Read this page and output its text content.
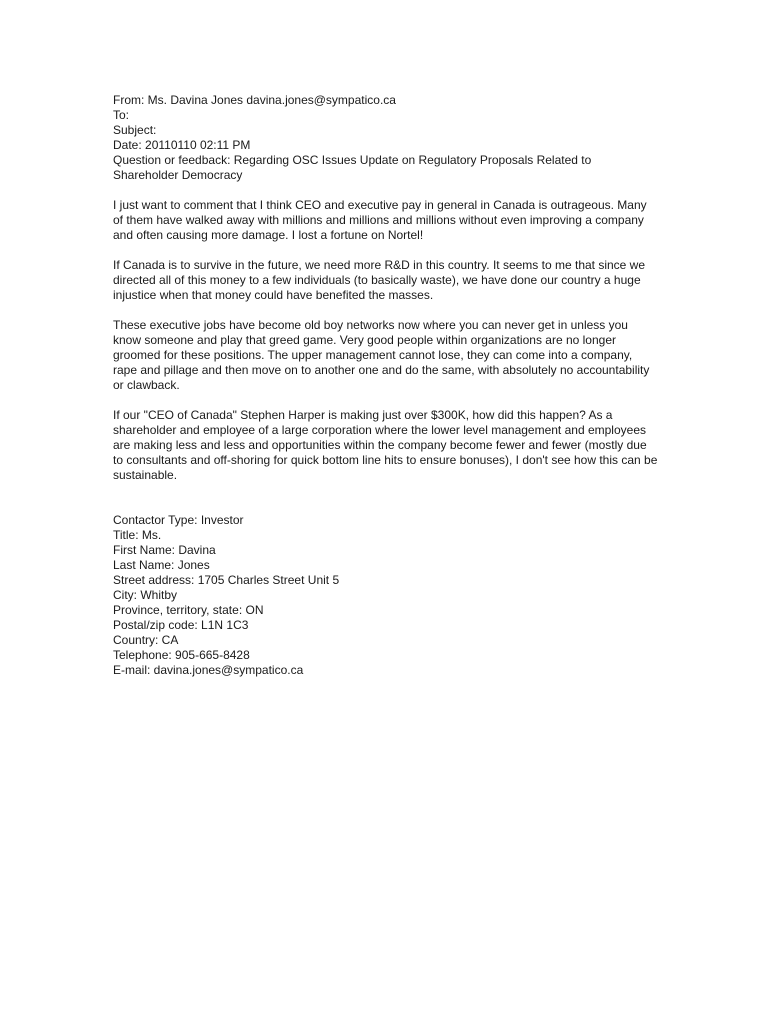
From: Ms. Davina Jones davina.jones@sympatico.ca
To:
Subject:
Date: 20110110 02:11 PM
Question or feedback: Regarding OSC Issues Update on Regulatory Proposals Related to
Shareholder Democracy

I just want to comment that I think CEO and executive pay in general in Canada is outrageous. Many of them have walked away with millions and millions and millions without even improving a company and often causing more damage. I lost a fortune on Nortel!

If Canada is to survive in the future, we need more R&D in this country. It seems to me that since we directed all of this money to a few individuals (to basically waste), we have done our country a huge injustice when that money could have benefited the masses.

These executive jobs have become old boy networks now where you can never get in unless you know someone and play that greed game. Very good people within organizations are no longer groomed for these positions. The upper management cannot lose, they can come into a company, rape and pillage and then move on to another one and do the same, with absolutely no accountability or clawback.

If our "CEO of Canada" Stephen Harper is making just over $300K, how did this happen? As a shareholder and employee of a large corporation where the lower level management and employees are making less and less and opportunities within the company become fewer and fewer (mostly due to consultants and off-shoring for quick bottom line hits to ensure bonuses), I don't see how this can be sustainable.

Contactor Type: Investor
Title: Ms.
First Name: Davina
Last Name: Jones
Street address: 1705 Charles Street Unit 5
City: Whitby
Province, territory, state: ON
Postal/zip code: L1N 1C3
Country: CA
Telephone: 905-665-8428
E-mail: davina.jones@sympatico.ca
